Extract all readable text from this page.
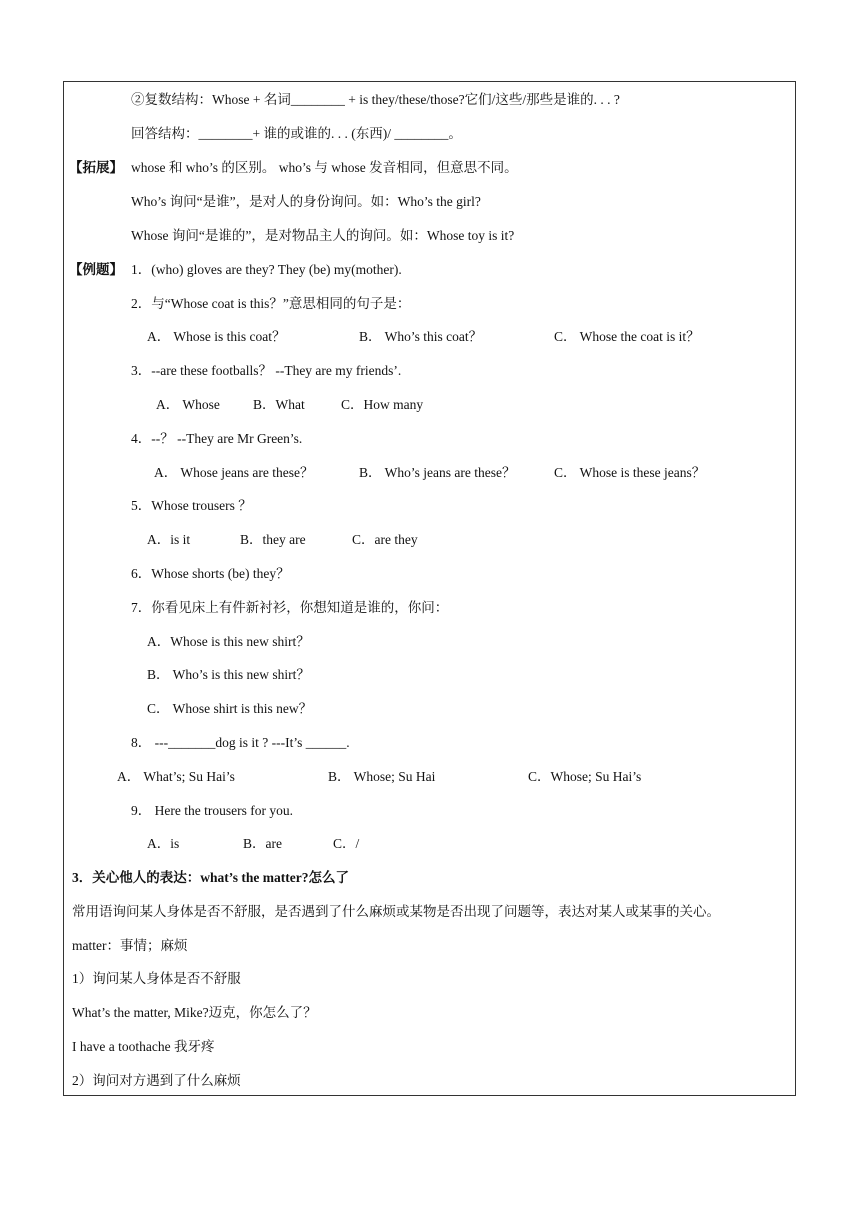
②复数结构：Whose + 名词________ + is they/these/those?它们/这些/那些是谁的. . . ?
回答结构：________+ 谁的或谁的. . . (东西)/ ________。
【拓展】 whose 和 who’s 的区别。 who’s 与 whose 发音相同，但意思不同。
Who’s 询问“是谁”，是对人的身份询问。如：Who’s the girl?
Whose 询问“是谁的”，是对物品主人的询问。如：Whose toy is it?
【例题】 1．(who) gloves are they? They (be) my(mother).
2．与“Whose coat is this？”意思相同的句子是：
A． Whose is this coat？	B． Who’s this coat？	C． Whose the coat is it？
3．--are these footballs？ --They are my friends’.
A． Whose B．What	C．How many
4．--？ --They are Mr Green’s.
A． Whose jeans are these？	B． Who’s jeans are these？	C． Whose is these jeans？
5．Whose trousers ？
A．is it	B．they are	C．are they
6．Whose shorts (be) they？
7．你看见床上有件新衬衫，你想知道是谁的，你问：
A．Whose is this new shirt？
B． Who’s is this new shirt？
C． Whose shirt is this new？
8． ---_______dog is it ? ---It’s ______.
A． What’s; Su Hai’s	B． Whose; Su Hai	C．Whose; Su Hai’s
9． Here the trousers for you.
A．is	B．are	C．/
3．关心他人的表达：what’s the matter?怎么了
常用语询问某人身体是否不舒服，是否遇到了什么麻烦或某物是否出现了问题等，表达对某人或某事的关心。
matter：事情；麻烦
1）询问某人身体是否不舒服
What’s the matter, Mike?迈克，你怎么了？
I have a toothache 我牙疼
2）询问对方遇到了什么麻烦
